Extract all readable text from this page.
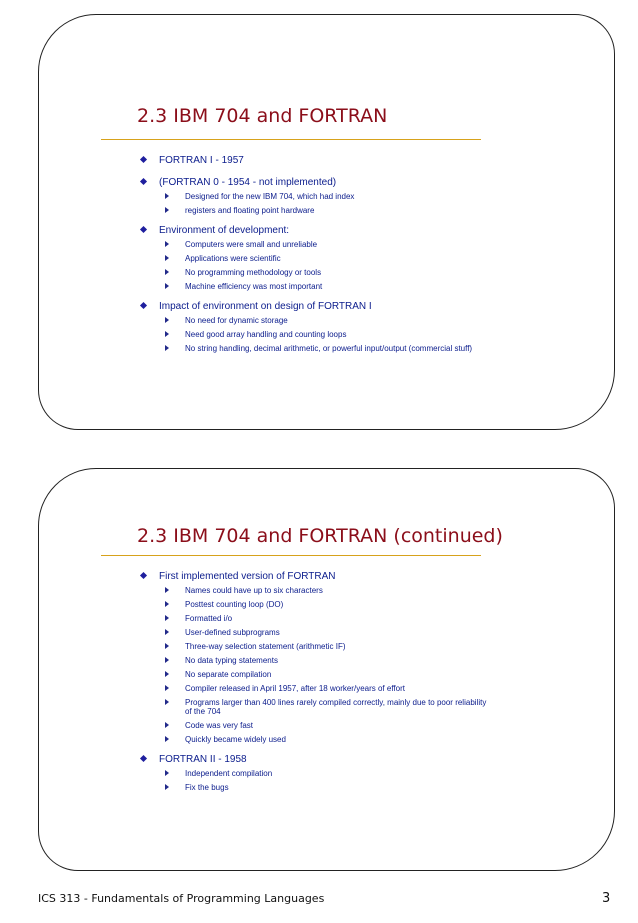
2.3 IBM 704 and FORTRAN
FORTRAN I - 1957
(FORTRAN 0 - 1954 - not implemented)
Designed for the new IBM 704, which had index
registers and floating point hardware
Environment of development:
Computers were small and unreliable
Applications were scientific
No programming methodology or tools
Machine efficiency was most important
Impact of environment on design of FORTRAN I
No need for dynamic storage
Need good array handling and counting loops
No string handling, decimal arithmetic, or powerful input/output (commercial stuff)
2.3 IBM 704 and FORTRAN (continued)
First implemented version of FORTRAN
Names could have up to six characters
Posttest counting loop (DO)
Formatted i/o
User-defined subprograms
Three-way selection statement (arithmetic IF)
No data typing statements
No separate compilation
Compiler released in April 1957, after 18 worker/years of effort
Programs larger than 400 lines rarely compiled correctly, mainly due to poor reliability of the 704
Code was very fast
Quickly became widely used
FORTRAN II - 1958
Independent compilation
Fix the bugs
ICS 313 - Fundamentals of Programming Languages	3
